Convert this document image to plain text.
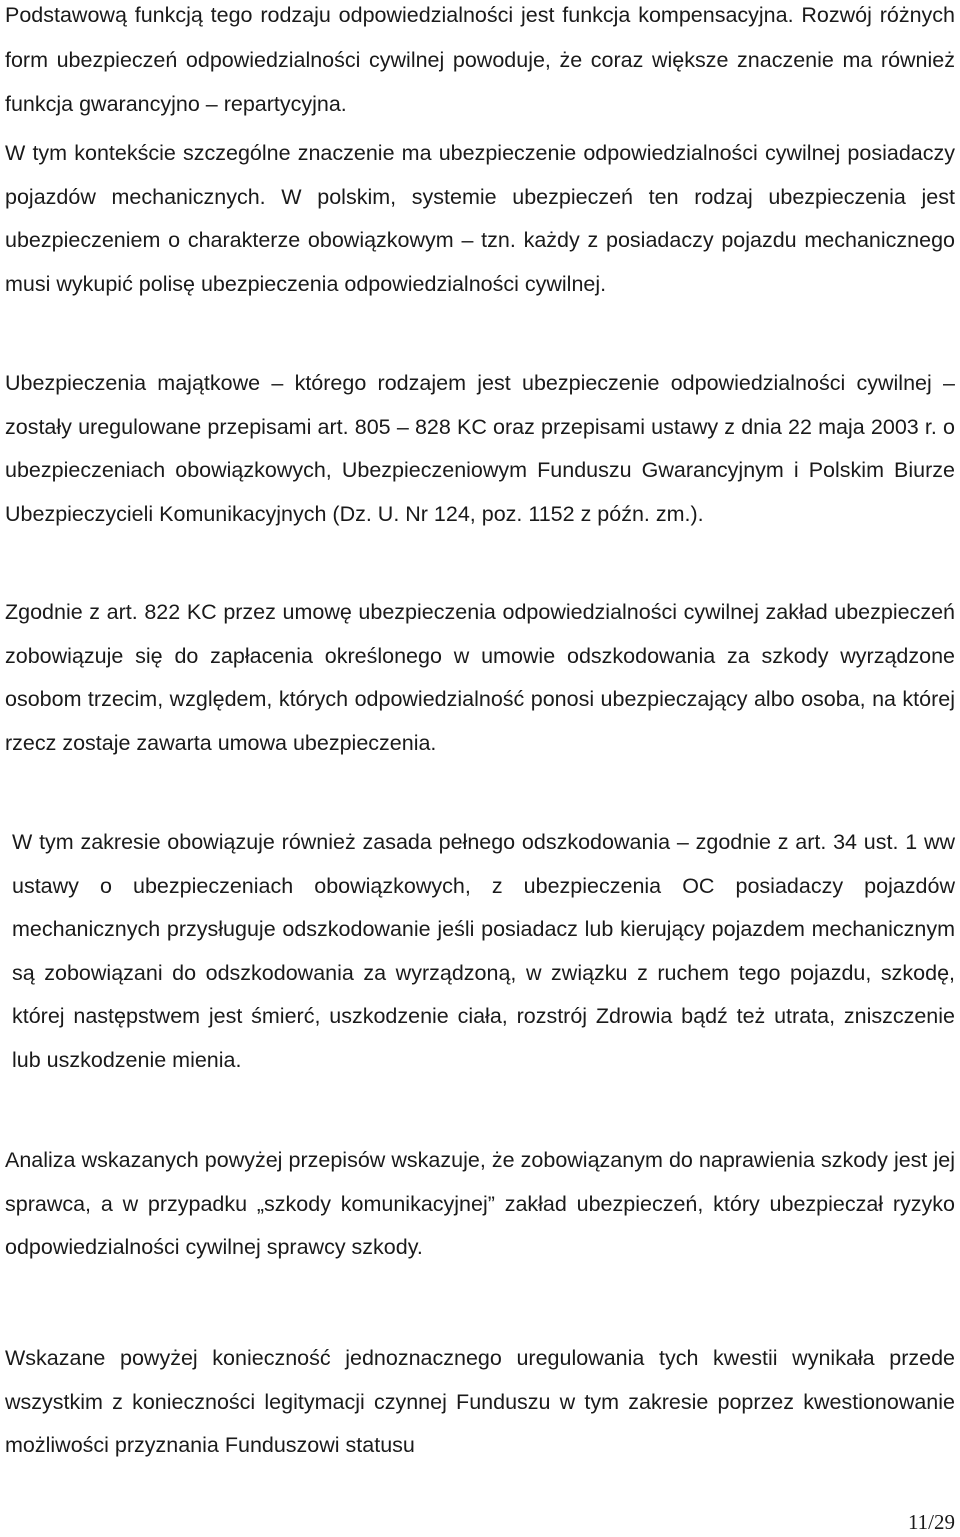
Podstawową funkcją tego rodzaju odpowiedzialności jest funkcja kompensacyjna. Rozwój różnych form ubezpieczeń odpowiedzialności cywilnej powoduje, że coraz większe znaczenie ma również funkcja gwarancyjno – repartycyjna.

W tym kontekście szczególne znaczenie ma ubezpieczenie odpowiedzialności cywilnej posiadaczy pojazdów mechanicznych. W polskim, systemie ubezpieczeń ten rodzaj ubezpieczenia jest ubezpieczeniem o charakterze obowiązkowym – tzn. każdy z posiadaczy pojazdu mechanicznego musi wykupić polisę ubezpieczenia odpowiedzialności cywilnej.

Ubezpieczenia majątkowe – którego rodzajem jest ubezpieczenie odpowiedzialności cywilnej – zostały uregulowane przepisami art. 805 – 828 KC oraz przepisami ustawy z dnia 22 maja 2003 r. o ubezpieczeniach obowiązkowych, Ubezpieczeniowym Funduszu Gwarancyjnym i Polskim Biurze Ubezpieczycieli Komunikacyjnych (Dz. U. Nr 124, poz. 1152 z późn. zm.).

Zgodnie z art. 822 KC przez umowę ubezpieczenia odpowiedzialności cywilnej zakład ubezpieczeń zobowiązuje się do zapłacenia określonego w umowie odszkodowania za szkody wyrządzone osobom trzecim, względem, których odpowiedzialność ponosi ubezpieczający albo osoba, na której rzecz zostaje zawarta umowa ubezpieczenia.

W tym zakresie obowiązuje również zasada pełnego odszkodowania – zgodnie z art. 34 ust. 1 ww ustawy o ubezpieczeniach obowiązkowych, z ubezpieczenia OC posiadaczy pojazdów mechanicznych przysługuje odszkodowanie jeśli posiadacz lub kierujący pojazdem mechanicznym są zobowiązani do odszkodowania za wyrządzoną, w związku z ruchem tego pojazdu, szkodę, której następstwem jest śmierć, uszkodzenie ciała, rozstrój Zdrowia bądź też utrata, zniszczenie lub uszkodzenie mienia.

Analiza wskazanych powyżej przepisów wskazuje, że zobowiązanym do naprawienia szkody jest jej sprawca, a w przypadku „szkody komunikacyjnej” zakład ubezpieczeń, który ubezpieczał ryzyko odpowiedzialności cywilnej sprawcy szkody.

Wskazane powyżej konieczność jednoznacznego uregulowania tych kwestii wynikała przede wszystkim z konieczności legitymacji czynnej Funduszu w tym zakresie poprzez kwestionowanie możliwości przyznania Funduszowi statusu

11/29
